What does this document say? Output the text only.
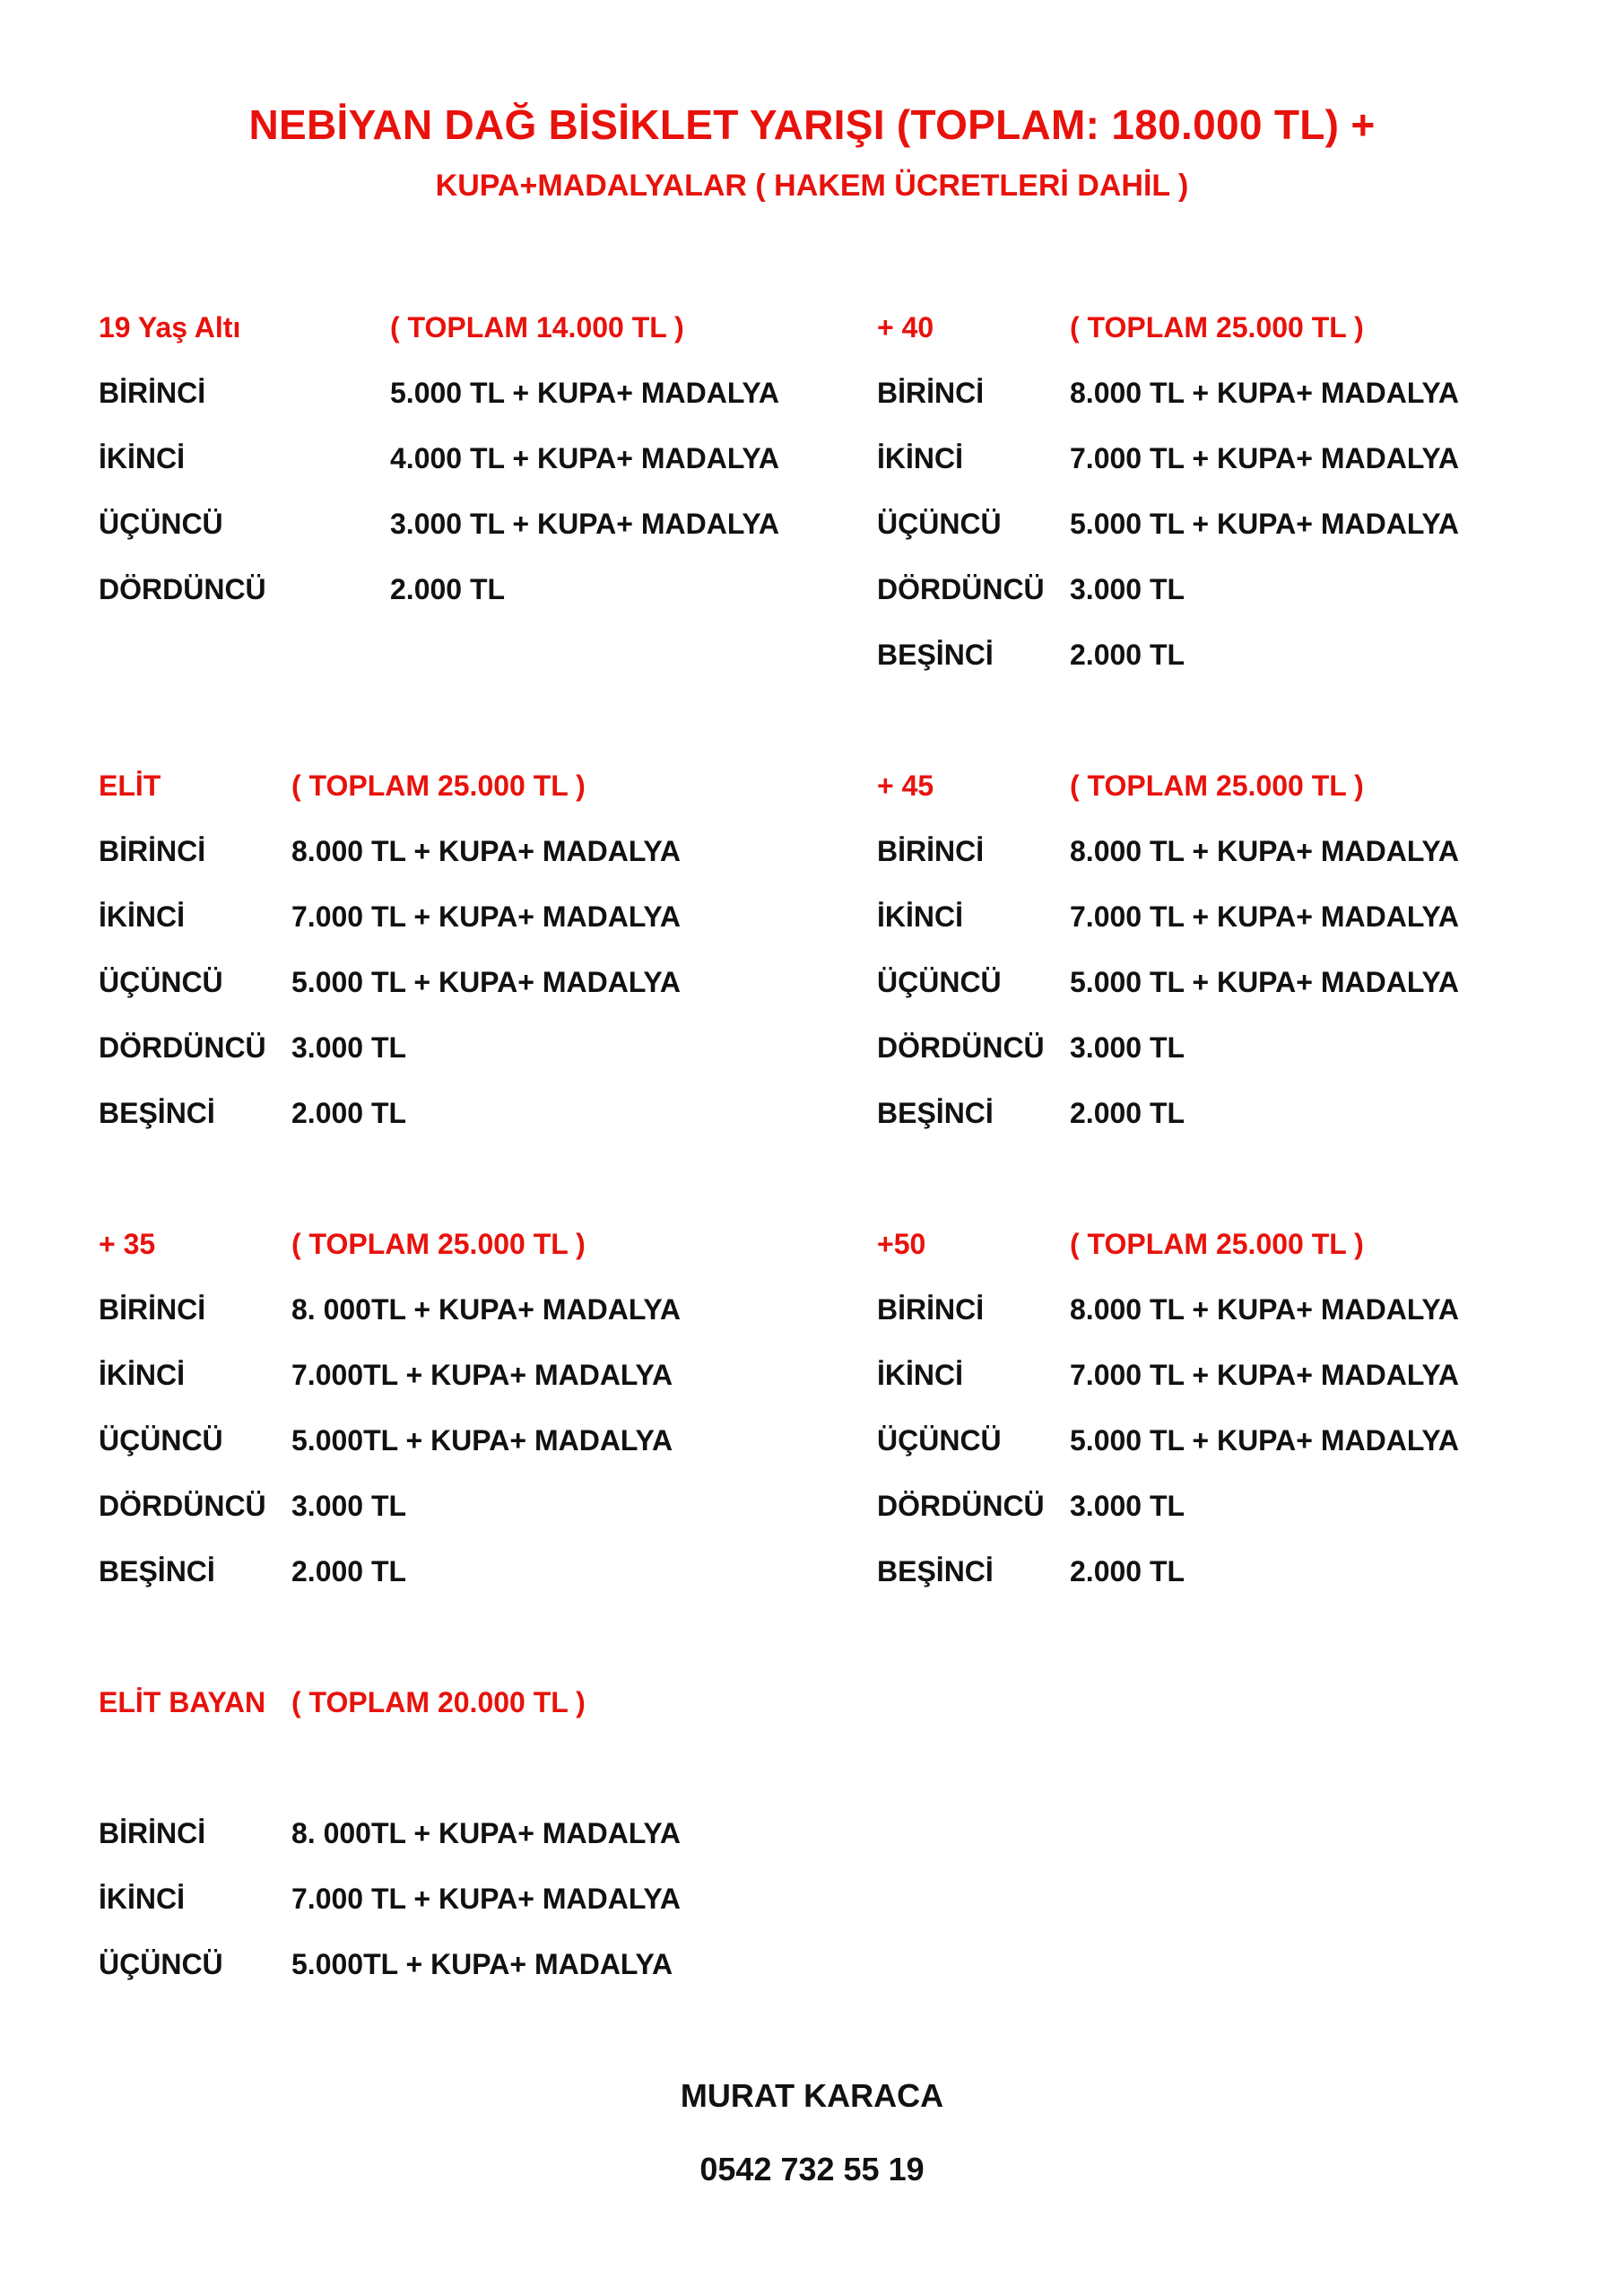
NEBİYAN DAĞ BİSİKLET YARIŞI (TOPLAM: 180.000 TL) +
KUPA+MADALYALAR ( HAKEM ÜCRETLERİ DAHİL )
19 Yaş Altı	( TOPLAM 14.000 TL )
BİRİNCİ	5.000 TL + KUPA+ MADALYA
İKİNCİ	4.000 TL + KUPA+ MADALYA
ÜÇÜNCÜ	3.000 TL + KUPA+ MADALYA
DÖRDÜNCÜ	2.000 TL
+ 40	( TOPLAM 25.000 TL )
BİRİNCİ	8.000 TL + KUPA+ MADALYA
İKİNCİ	7.000 TL + KUPA+ MADALYA
ÜÇÜNCÜ 5.000 TL + KUPA+ MADALYA
DÖRDÜNCÜ 3.000 TL
BEŞİNCİ	2.000 TL
ELİT	( TOPLAM 25.000 TL )
BİRİNCİ	8.000 TL + KUPA+ MADALYA
İKİNCİ	7.000 TL + KUPA+ MADALYA
ÜÇÜNCÜ 5.000 TL + KUPA+ MADALYA
DÖRDÜNCÜ 3.000 TL
BEŞİNCİ	2.000 TL
+ 45	( TOPLAM 25.000 TL )
BİRİNCİ	8.000 TL + KUPA+ MADALYA
İKİNCİ	7.000 TL + KUPA+ MADALYA
ÜÇÜNCÜ 5.000 TL + KUPA+ MADALYA
DÖRDÜNCÜ 3.000 TL
BEŞİNCİ	2.000 TL
+ 35	( TOPLAM 25.000 TL )
BİRİNCİ	8. 000TL + KUPA+ MADALYA
İKİNCİ	7.000TL + KUPA+ MADALYA
ÜÇÜNCÜ 5.000TL + KUPA+ MADALYA
DÖRDÜNCÜ 3.000 TL
BEŞİNCİ	2.000 TL
+50	( TOPLAM 25.000 TL )
BİRİNCİ	8.000 TL + KUPA+ MADALYA
İKİNCİ	7.000 TL + KUPA+ MADALYA
ÜÇÜNCÜ 5.000 TL + KUPA+ MADALYA
DÖRDÜNCÜ 3.000 TL
BEŞİNCİ	2.000 TL
ELİT BAYAN ( TOPLAM 20.000 TL )
BİRİNCİ	8. 000TL + KUPA+ MADALYA
İKİNCİ	7.000 TL + KUPA+ MADALYA
ÜÇÜNCÜ 5.000TL + KUPA+ MADALYA
MURAT KARACA
0542 732 55 19
